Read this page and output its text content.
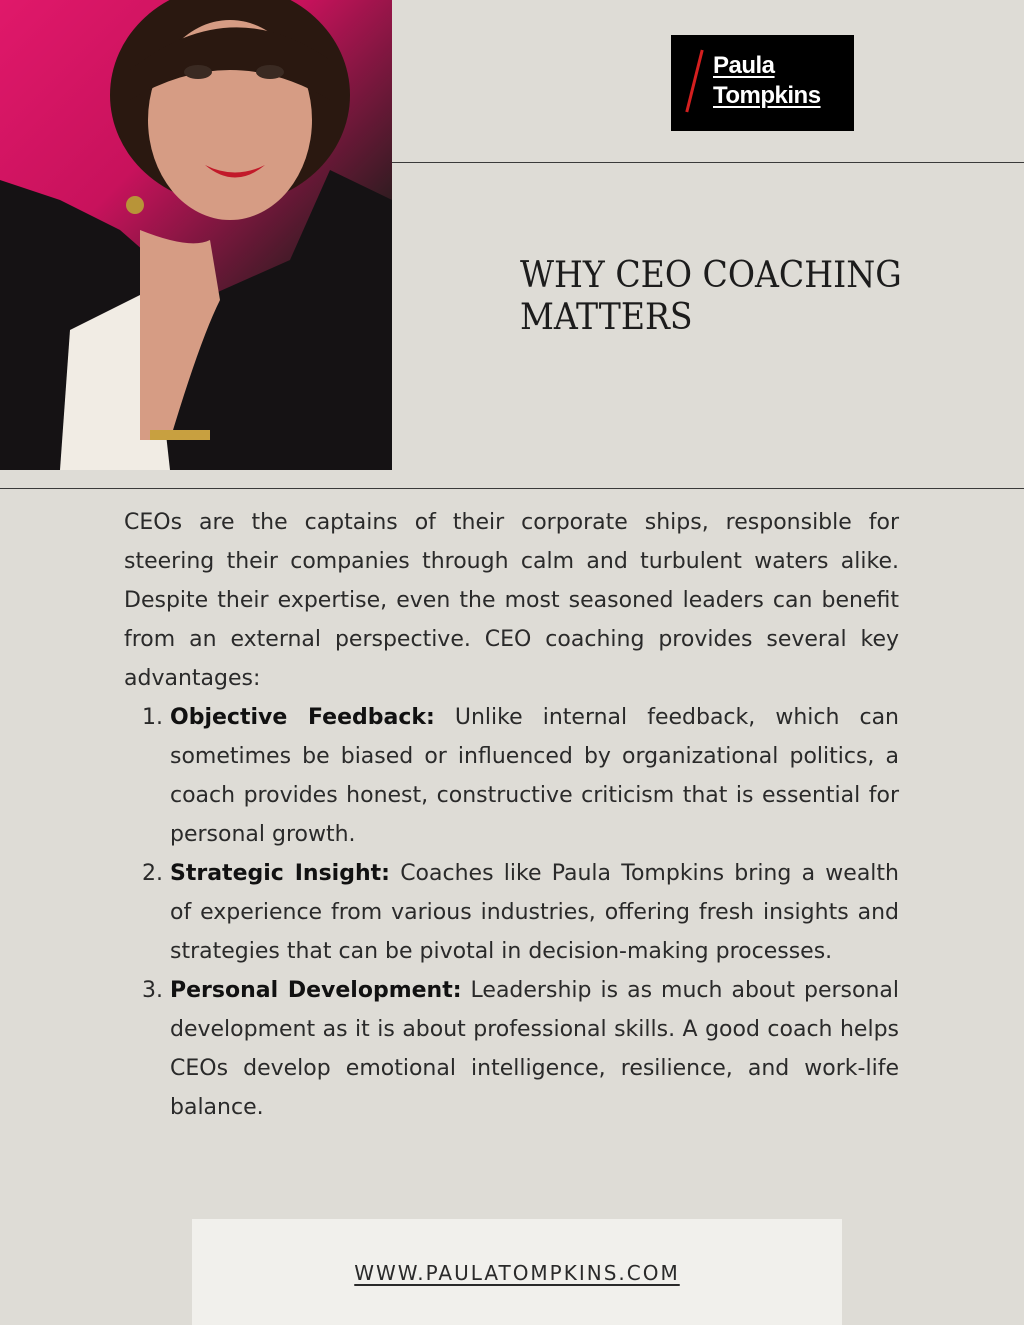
Paula
Tompkins
WHY CEO COACHING MATTERS

CEOs are the captains of their corporate ships, responsible for steering their companies through calm and turbulent waters alike. Despite their expertise, even the most seasoned leaders can benefit from an external perspective. CEO coaching provides several key advantages:

1. Objective Feedback: Unlike internal feedback, which can sometimes be biased or influenced by organizational politics, a coach provides honest, constructive criticism that is essential for personal growth.
2. Strategic Insight: Coaches like Paula Tompkins bring a wealth of experience from various industries, offering fresh insights and strategies that can be pivotal in decision-making processes.
3. Personal Development: Leadership is as much about personal development as it is about professional skills. A good coach helps CEOs develop emotional intelligence, resilience, and work-life balance.
WWW.PAULATOMPKINS.COM
